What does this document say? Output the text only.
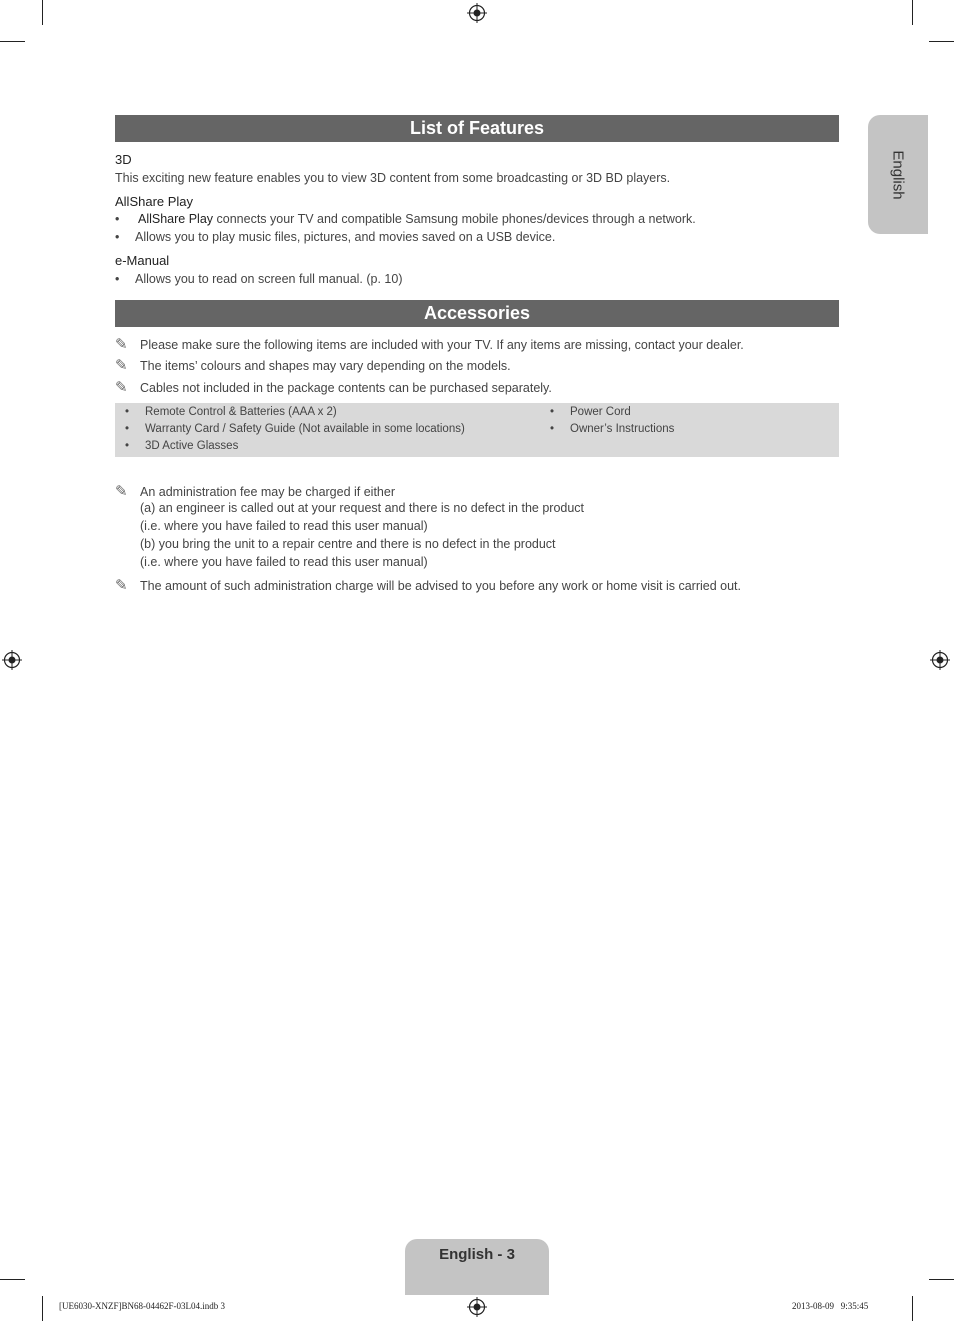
English
List of Features
3D
This exciting new feature enables you to view 3D content from some broadcasting or 3D BD players.
AllShare Play
• AllShare Play connects your TV and compatible Samsung mobile phones/devices through a network.
• Allows you to play music files, pictures, and movies saved on a USB device.
e-Manual
• Allows you to read on screen full manual. (p. 10)
Accessories
✎ Please make sure the following items are included with your TV. If any items are missing, contact your dealer.
✎ The items’ colours and shapes may vary depending on the models.
✎ Cables not included in the package contents can be purchased separately.
• Remote Control & Batteries (AAA x 2)
• Warranty Card / Safety Guide (Not available in some locations)
• 3D Active Glasses
• Power Cord
• Owner’s Instructions
✎ An administration fee may be charged if either
(a) an engineer is called out at your request and there is no defect in the product
(i.e. where you have failed to read this user manual)
(b) you bring the unit to a repair centre and there is no defect in the product
(i.e. where you have failed to read this user manual)
✎ The amount of such administration charge will be advised to you before any work or home visit is carried out.
English - 3
[UE6030-XNZF]BN68-04462F-03L04.indb 3	2013-08-09   9:35:45
